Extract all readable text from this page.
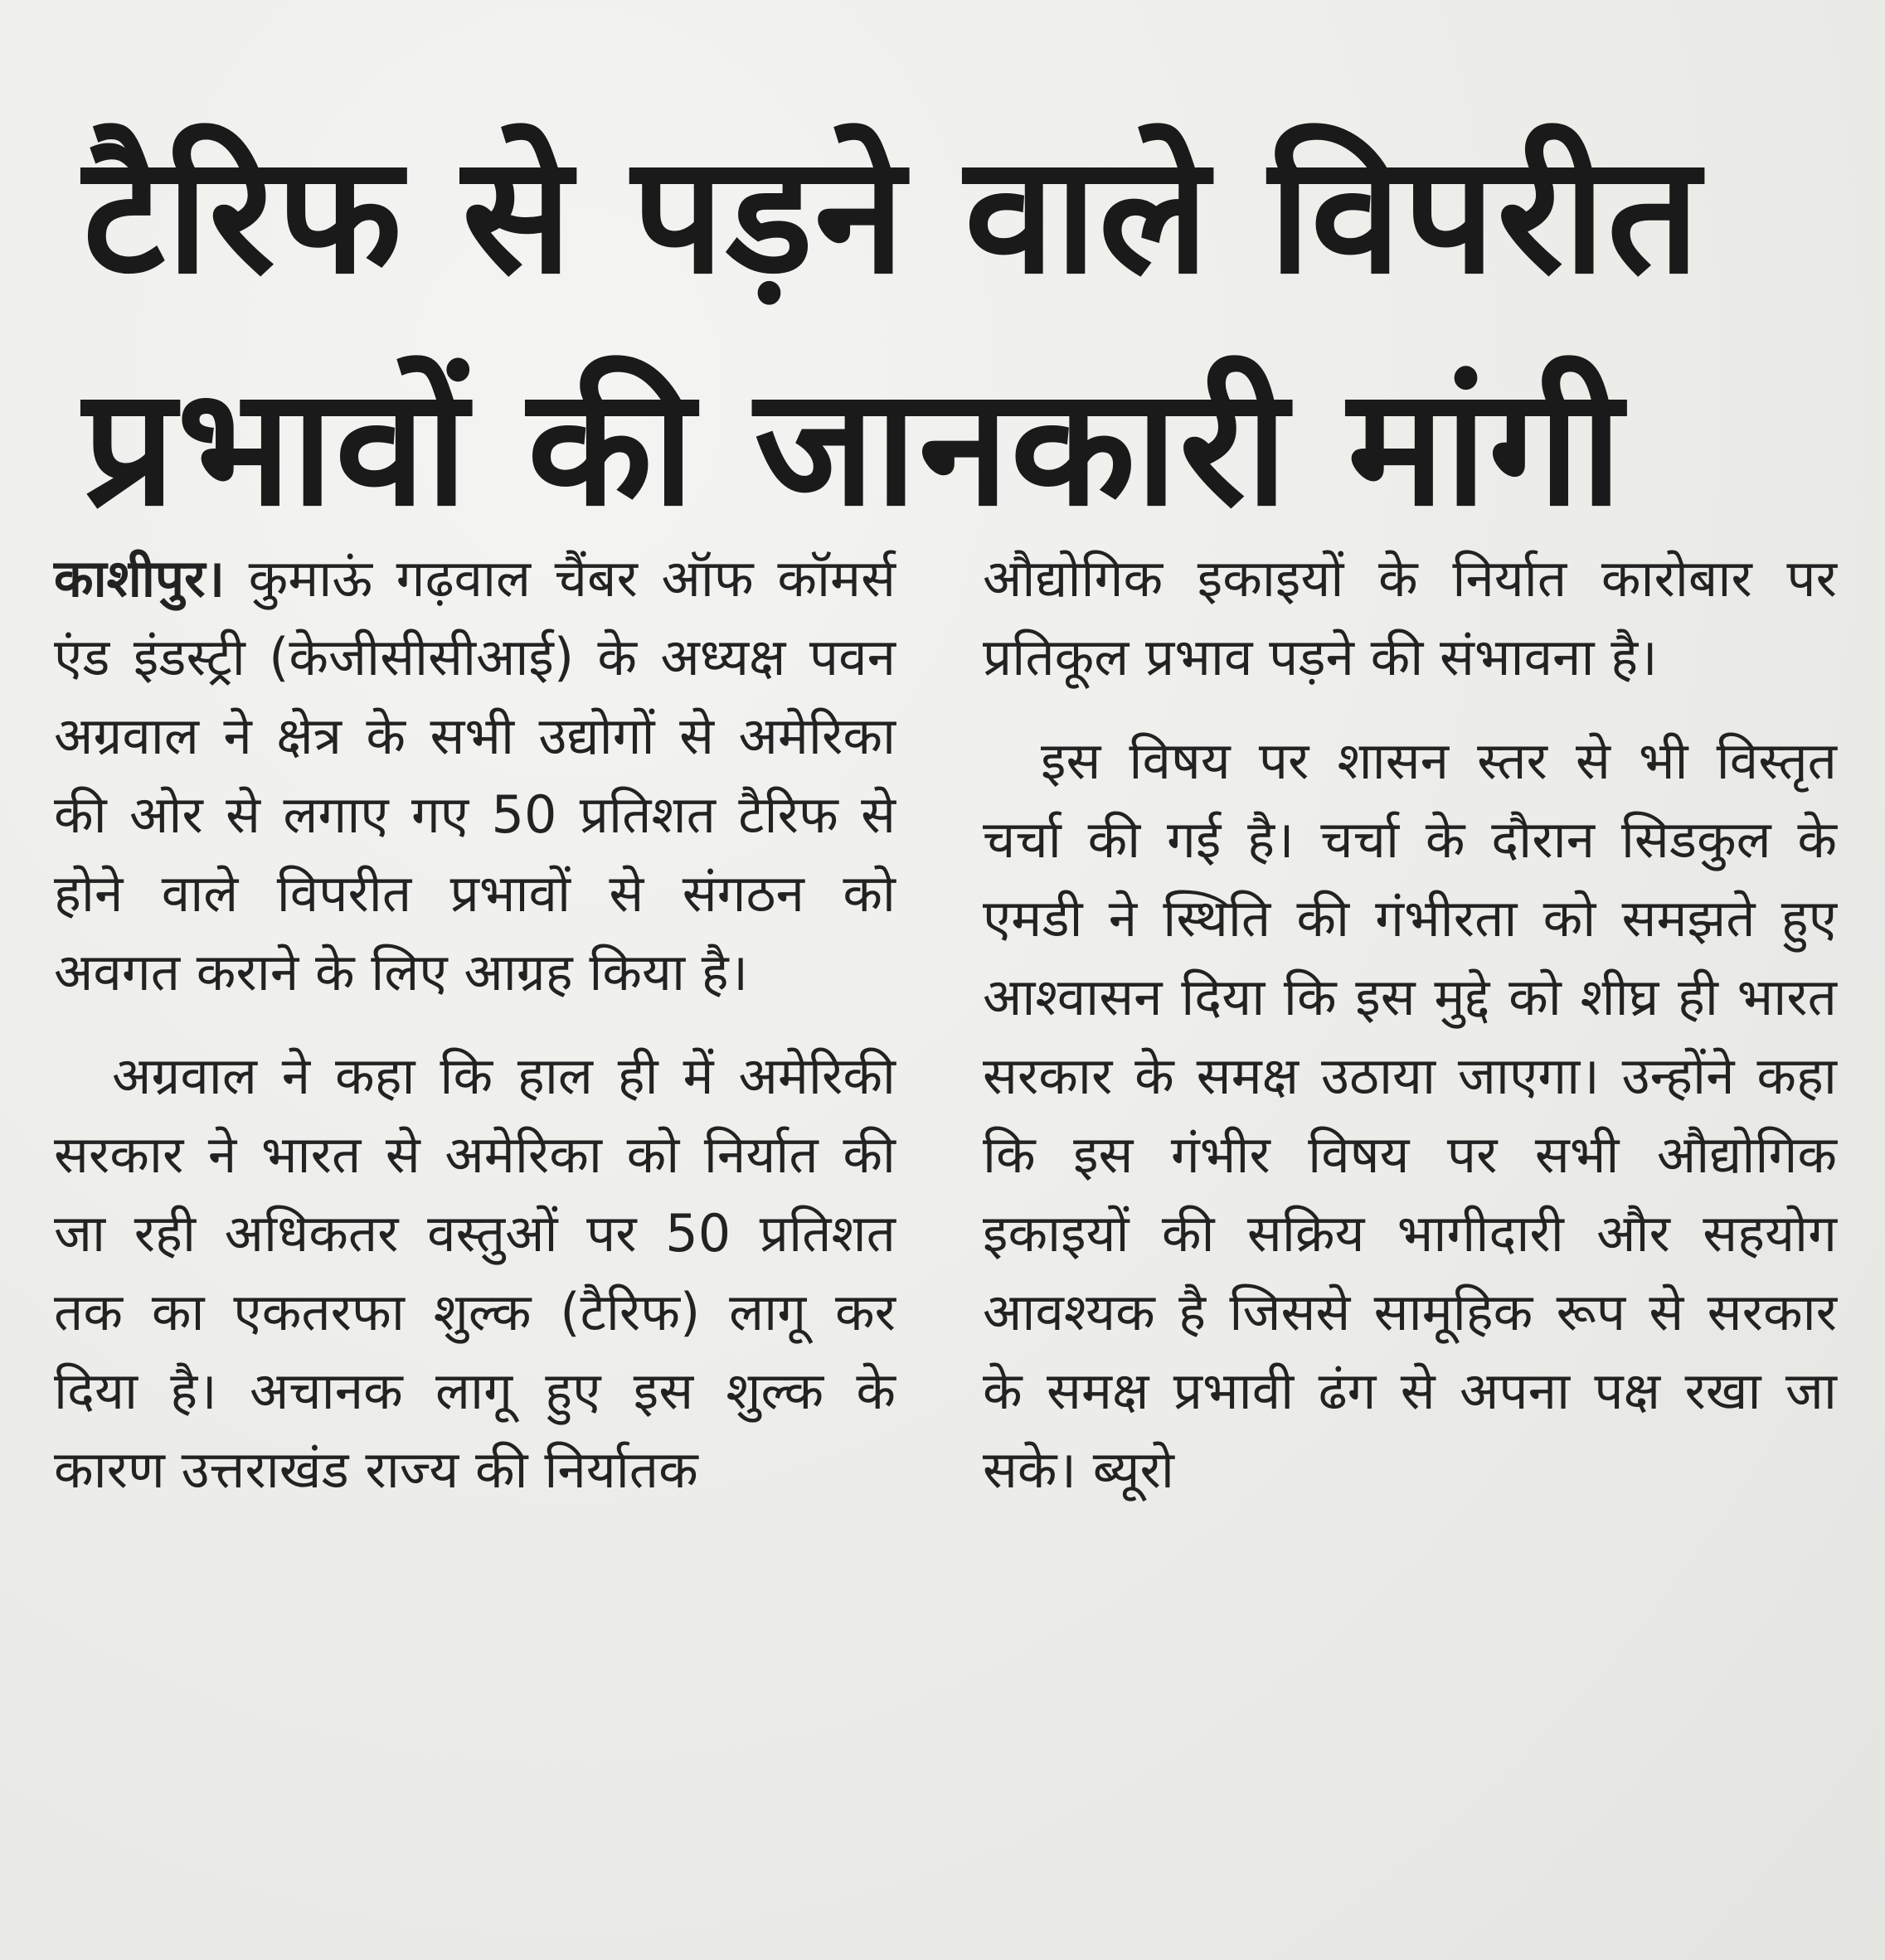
टैरिफ से पड़ने वाले विपरीत
प्रभावों की जानकारी मांगी

काशीपुर। कुमाऊं गढ़वाल चैंबर ऑफ कॉमर्स एंड इंडस्ट्री (केजीसीसीआई) के अध्यक्ष पवन अग्रवाल ने क्षेत्र के सभी उद्योगों से अमेरिका की ओर से लगाए गए 50 प्रतिशत टैरिफ से होने वाले विपरीत प्रभावों से संगठन को अवगत कराने के लिए आग्रह किया है।

अग्रवाल ने कहा कि हाल ही में अमेरिकी सरकार ने भारत से अमेरिका को निर्यात की जा रही अधिकतर वस्तुओं पर 50 प्रतिशत तक का एकतरफा शुल्क (टैरिफ) लागू कर दिया है। अचानक लागू हुए इस शुल्क के कारण उत्तराखंड राज्य की निर्यातक

औद्योगिक इकाइयों के निर्यात कारोबार पर प्रतिकूल प्रभाव पड़ने की संभावना है।

इस विषय पर शासन स्तर से भी विस्तृत चर्चा की गई है। चर्चा के दौरान सिडकुल के एमडी ने स्थिति की गंभीरता को समझते हुए आश्वासन दिया कि इस मुद्दे को शीघ्र ही भारत सरकार के समक्ष उठाया जाएगा। उन्होंने कहा कि इस गंभीर विषय पर सभी औद्योगिक इकाइयों की सक्रिय भागीदारी और सहयोग आवश्यक है जिससे सामूहिक रूप से सरकार के समक्ष प्रभावी ढंग से अपना पक्ष रखा जा सके। ब्यूरो
